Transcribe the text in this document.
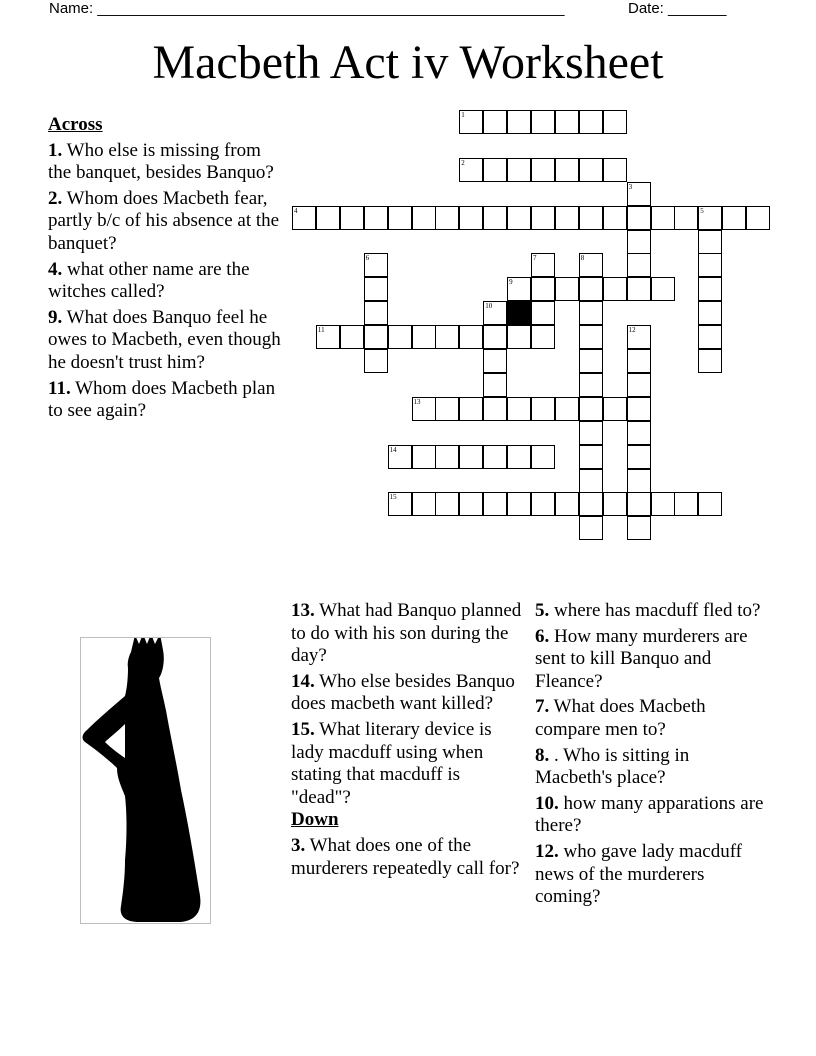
Name: ________________________________________________________	Date: _______
Macbeth Act iv Worksheet
1
2
3
4	5
6	7	8
9
10
11	12
13
14
15
Across
1. Who else is missing from the banquet, besides Banquo?
2. Whom does Macbeth fear, partly b/c of his absence at the banquet?
4. what other name are the witches called?
9. What does Banquo feel he owes to Macbeth, even though he doesn't trust him?
11. Whom does Macbeth plan to see again?
13. What had Banquo planned to do with his son during the day?
14. Who else besides Banquo does macbeth want killed?
15. What literary device is lady macduff using when stating that macduff is "dead"?
Down
3. What does one of the murderers repeatedly call for?
5. where has macduff fled to?
6. How many murderers are sent to kill Banquo and Fleance?
7. What does Macbeth compare men to?
8. . Who is sitting in Macbeth's place?
10. how many apparations are there?
12. who gave lady macduff news of the murderers coming?
